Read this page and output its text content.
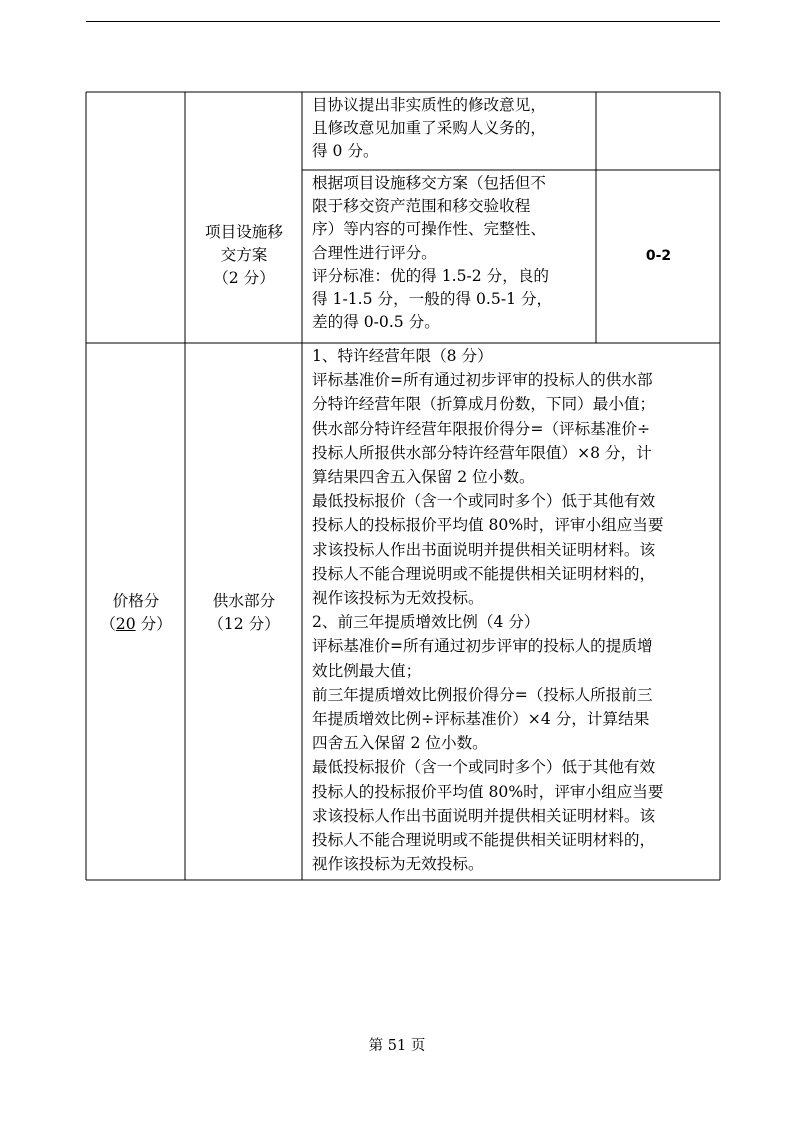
目协议提出非实质性的修改意见，
且修改意见加重了采购人义务的，
得 0 分。
项目设施移
交方案
（2 分）
根据项目设施移交方案（包括但不
限于移交资产范围和移交验收程
序）等内容的可操作性、完整性、
合理性进行评分。
评分标准：优的得 1.5-2 分，良的
得 1-1.5 分，一般的得 0.5-1 分，
差的得 0-0.5 分。
0-2
价格分
（20 分）
供水部分
（12 分）
1、特许经营年限（8 分）
评标基准价=所有通过初步评审的投标人的供水部
分特许经营年限（折算成月份数，下同）最小值；
供水部分特许经营年限报价得分=（评标基准价÷
投标人所报供水部分特许经营年限值）×8 分，计
算结果四舍五入保留 2 位小数。
最低投标报价（含一个或同时多个）低于其他有效
投标人的投标报价平均值 80%时，评审小组应当要
求该投标人作出书面说明并提供相关证明材料。该
投标人不能合理说明或不能提供相关证明材料的，
视作该投标为无效投标。
2、前三年提质增效比例（4 分）
评标基准价=所有通过初步评审的投标人的提质增
效比例最大值；
前三年提质增效比例报价得分=（投标人所报前三
年提质增效比例÷评标基准价）×4 分，计算结果
四舍五入保留 2 位小数。
最低投标报价（含一个或同时多个）低于其他有效
投标人的投标报价平均值 80%时，评审小组应当要
求该投标人作出书面说明并提供相关证明材料。该
投标人不能合理说明或不能提供相关证明材料的，
视作该投标为无效投标。
第 51 页
